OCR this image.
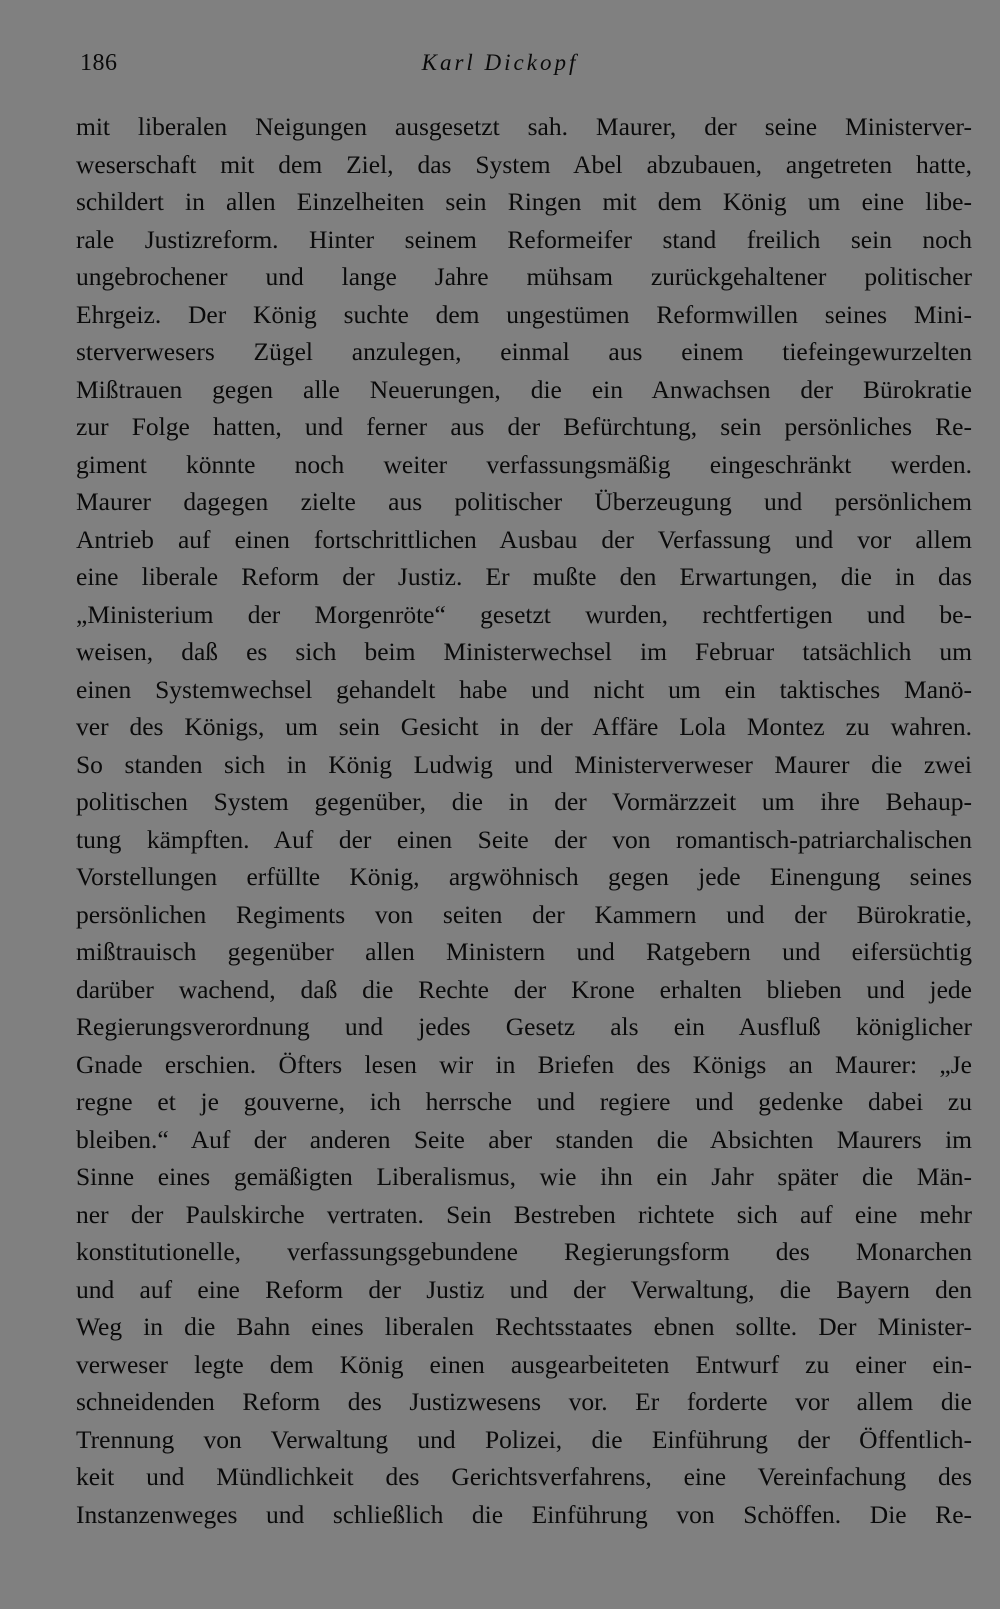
186	Karl Dickopf
mit liberalen Neigungen ausgesetzt sah. Maurer, der seine Ministerver-
weserschaft mit dem Ziel, das System Abel abzubauen, angetreten hatte,
schildert in allen Einzelheiten sein Ringen mit dem König um eine libe-
rale Justizreform. Hinter seinem Reformeifer stand freilich sein noch
ungebrochener und lange Jahre mühsam zurückgehaltener politischer
Ehrgeiz. Der König suchte dem ungestümen Reformwillen seines Mini-
sterverwesers Zügel anzulegen, einmal aus einem tiefeingewurzelten
Mißtrauen gegen alle Neuerungen, die ein Anwachsen der Bürokratie
zur Folge hatten, und ferner aus der Befürchtung, sein persönliches Re-
giment könnte noch weiter verfassungsmäßig eingeschränkt werden.
Maurer dagegen zielte aus politischer Überzeugung und persönlichem
Antrieb auf einen fortschrittlichen Ausbau der Verfassung und vor allem
eine liberale Reform der Justiz. Er mußte den Erwartungen, die in das
„Ministerium der Morgenröte“ gesetzt wurden, rechtfertigen und be-
weisen, daß es sich beim Ministerwechsel im Februar tatsächlich um
einen Systemwechsel gehandelt habe und nicht um ein taktisches Manö-
ver des Königs, um sein Gesicht in der Affäre Lola Montez zu wahren.
So standen sich in König Ludwig und Ministerverweser Maurer die zwei
politischen System gegenüber, die in der Vormärzzeit um ihre Behaup-
tung kämpften. Auf der einen Seite der von romantisch-patriarchalischen
Vorstellungen erfüllte König, argwöhnisch gegen jede Einengung seines
persönlichen Regiments von seiten der Kammern und der Bürokratie,
mißtrauisch gegenüber allen Ministern und Ratgebern und eifersüchtig
darüber wachend, daß die Rechte der Krone erhalten blieben und jede
Regierungsverordnung und jedes Gesetz als ein Ausfluß königlicher
Gnade erschien. Öfters lesen wir in Briefen des Königs an Maurer: „Je
regne et je gouverne, ich herrsche und regiere und gedenke dabei zu
bleiben.“ Auf der anderen Seite aber standen die Absichten Maurers im
Sinne eines gemäßigten Liberalismus, wie ihn ein Jahr später die Män-
ner der Paulskirche vertraten. Sein Bestreben richtete sich auf eine mehr
konstitutionelle, verfassungsgebundene Regierungsform des Monarchen
und auf eine Reform der Justiz und der Verwaltung, die Bayern den
Weg in die Bahn eines liberalen Rechtsstaates ebnen sollte. Der Minister-
verweser legte dem König einen ausgearbeiteten Entwurf zu einer ein-
schneidenden Reform des Justizwesens vor. Er forderte vor allem die
Trennung von Verwaltung und Polizei, die Einführung der Öffentlich-
keit und Mündlichkeit des Gerichtsverfahrens, eine Vereinfachung des
Instanzenweges und schließlich die Einführung von Schöffen. Die Re-
